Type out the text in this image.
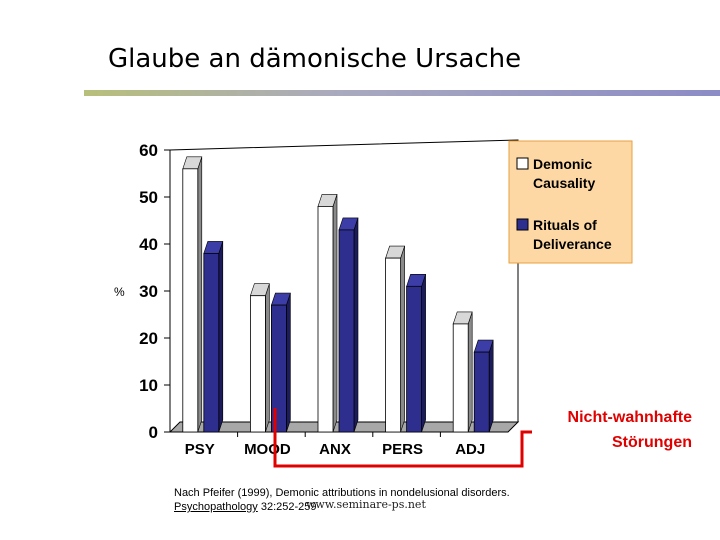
Glaube an dämonische Ursache
0
10
20
30
40
50
60
%
PSY MOOD ANX PERS ADJ
Demonic
Causality
Rituals of
Deliverance
Nicht-wahnhafte
Störungen
Nach Pfeifer (1999), Demonic attributions in nondelusional disorders.
Psychopathology 32:252-259
www.seminare-ps.net
